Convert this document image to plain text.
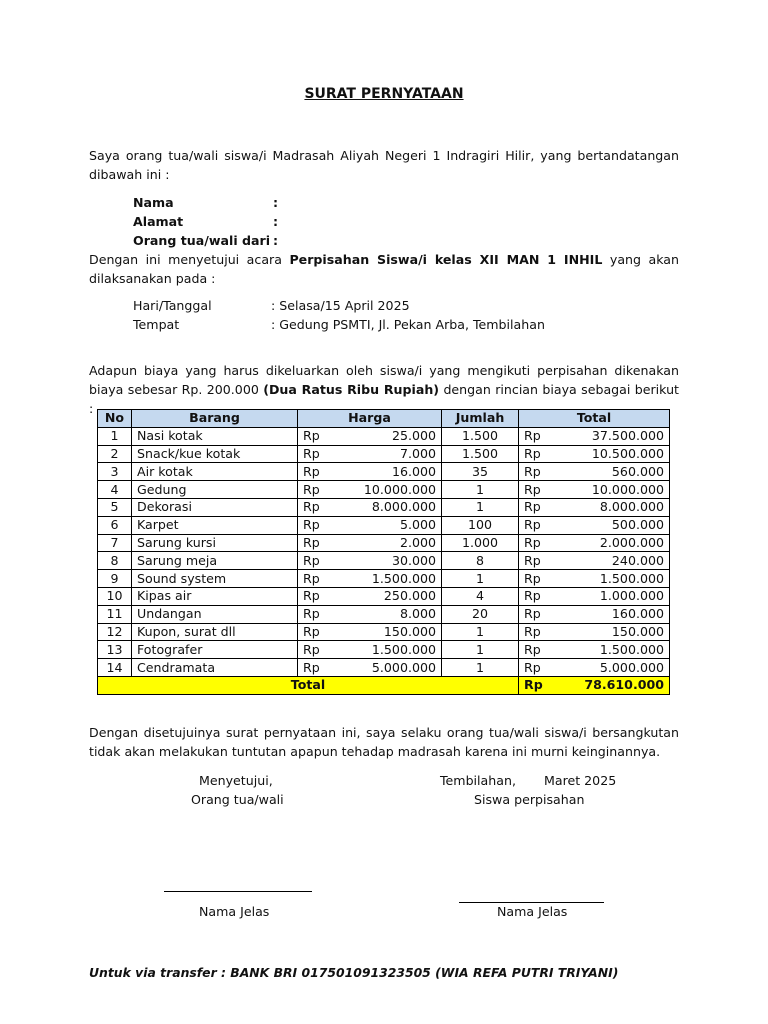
SURAT PERNYATAAN
Saya orang tua/wali siswa/i Madrasah Aliyah Negeri 1 Indragiri Hilir, yang bertandatangan dibawah ini :
Nama	:
Alamat	:
Orang tua/wali dari :
Dengan ini menyetujui acara Perpisahan Siswa/i kelas XII MAN 1 INHIL yang akan dilaksanakan pada :
Hari/Tanggal	: Selasa/15 April 2025
Tempat	: Gedung PSMTI, Jl. Pekan Arba, Tembilahan
Adapun biaya yang harus dikeluarkan oleh siswa/i yang mengikuti perpisahan dikenakan biaya sebesar Rp. 200.000 (Dua Ratus Ribu Rupiah) dengan rincian biaya sebagai berikut :
No	Barang	Harga		Jumlah	Total	
1	Nasi kotak	Rp	25.000	1.500	Rp	37.500.000
2	Snack/kue kotak	Rp	7.000	1.500	Rp	10.500.000
3	Air kotak	Rp	16.000	35	Rp	560.000
4	Gedung	Rp	10.000.000	1	Rp	10.000.000
5	Dekorasi	Rp	8.000.000	1	Rp	8.000.000
6	Karpet	Rp	5.000	100	Rp	500.000
7	Sarung kursi	Rp	2.000	1.000	Rp	2.000.000
8	Sarung meja	Rp	30.000	8	Rp	240.000
9	Sound system	Rp	1.500.000	1	Rp	1.500.000
10	Kipas air	Rp	250.000	4	Rp	1.000.000
11	Undangan	Rp	8.000	20	Rp	160.000
12	Kupon, surat dll	Rp	150.000	1	Rp	150.000
13	Fotografer	Rp	1.500.000	1	Rp	1.500.000
14	Cendramata	Rp	5.000.000	1	Rp	5.000.000
Total					Rp	78.610.000
Dengan disetujuinya surat pernyataan ini, saya selaku orang tua/wali siswa/i bersangkutan tidak akan melakukan tuntutan apapun tehadap madrasah karena ini murni keinginannya.
Menyetujui,
Orang tua/wali
Tembilahan, Maret 2025
Siswa perpisahan
Nama Jelas	Nama Jelas
Untuk via transfer : BANK BRI 017501091323505 (WIA REFA PUTRI TRIYANI)
